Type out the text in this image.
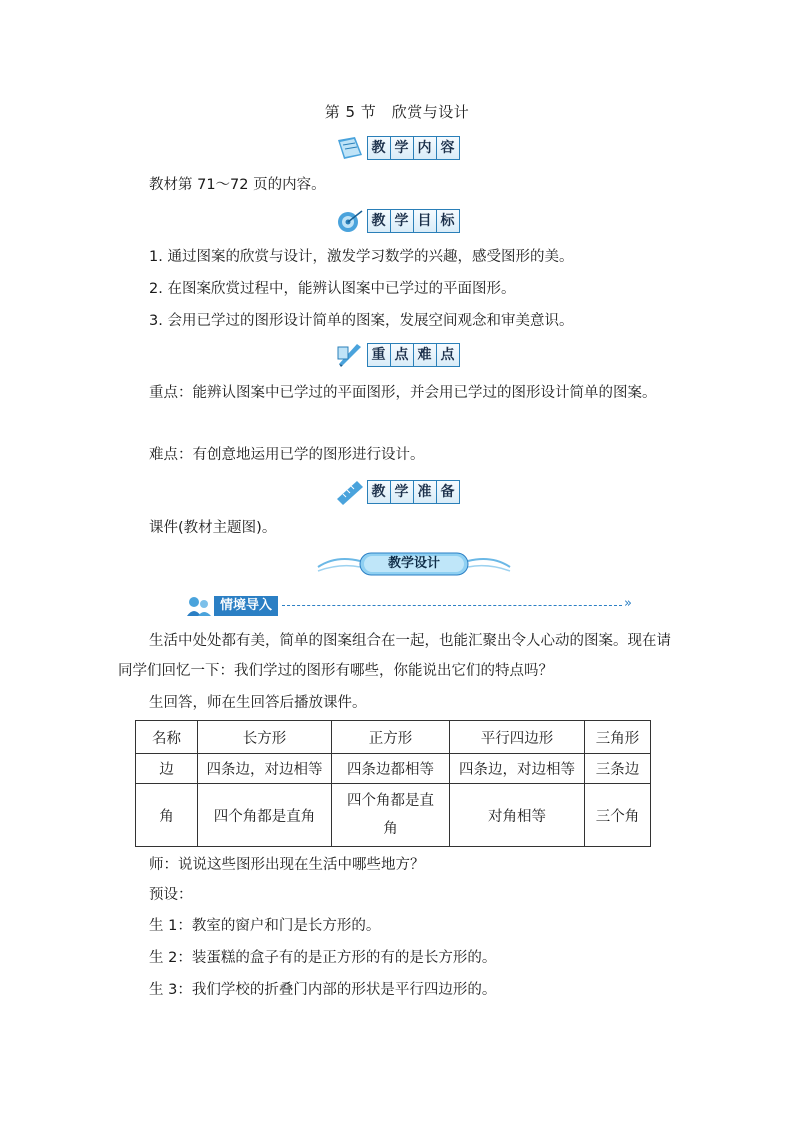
第 5 节　欣赏与设计
教 学 内 容

教材第 71～72 页的内容。

教 学 目 标

1. 通过图案的欣赏与设计，激发学习数学的兴趣，感受图形的美。

2. 在图案欣赏过程中，能辨认图案中已学过的平面图形。

3. 会用已学过的图形设计简单的图案，发展空间观念和审美意识。

重 点 难 点

重点：能辨认图案中已学过的平面图形，并会用已学过的图形设计简单的图案。

难点：有创意地运用已学的图形进行设计。

教 学 准 备

课件(教材主题图)。

教学设计
情境导入	»

生活中处处都有美，简单的图案组合在一起，也能汇聚出令人心动的图案。现在请同学们回忆一下：我们学过的图形有哪些，你能说出它们的特点吗？

生回答，师在生回答后播放课件。

名称	长方形	正方形	平行四边形	三角形
边	四条边，对边相等	四条边都相等	四条边，对边相等	三条边
角	四个角都是直角	四个角都是直角	对角相等	三个角

师：说说这些图形出现在生活中哪些地方？

预设：

生 1：教室的窗户和门是长方形的。

生 2：装蛋糕的盒子有的是正方形的有的是长方形的。

生 3：我们学校的折叠门内部的形状是平行四边形的。
